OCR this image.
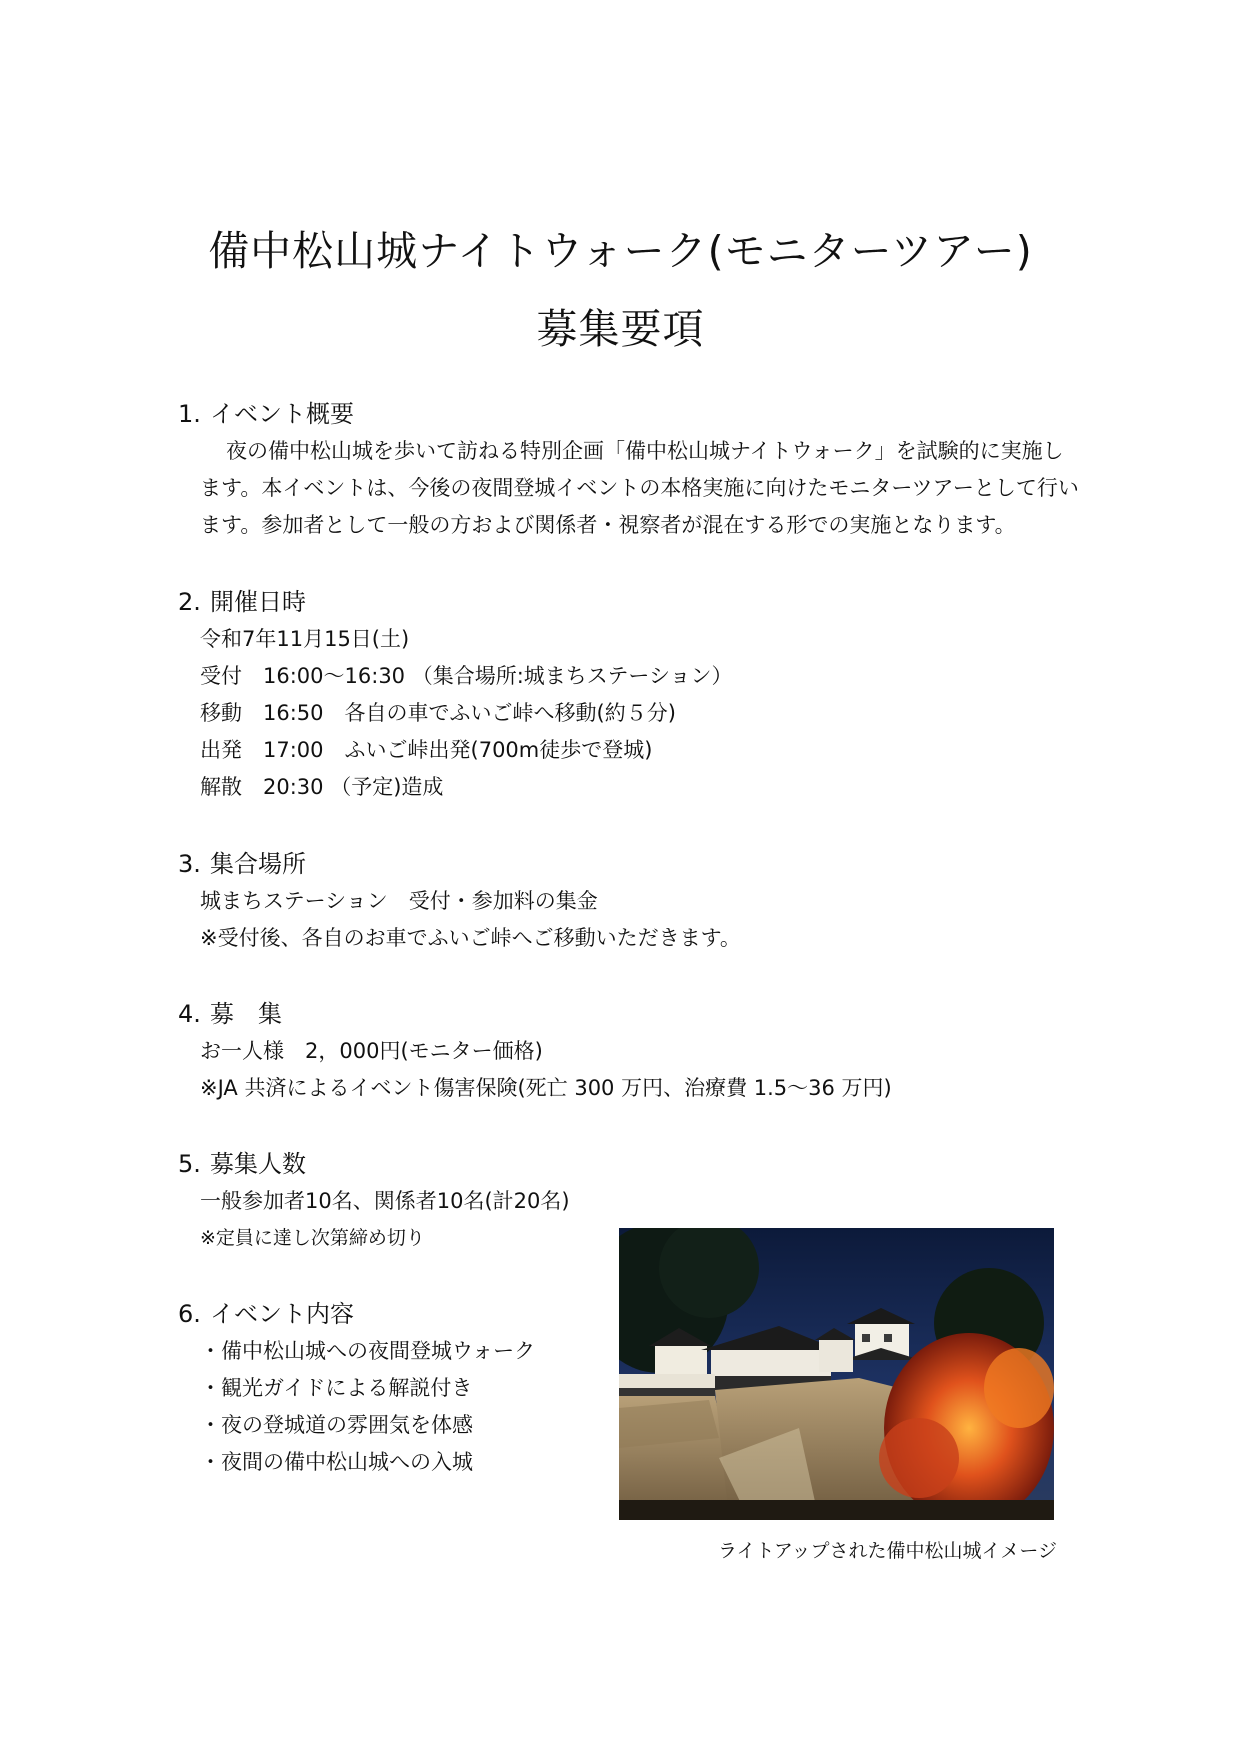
備中松山城ナイトウォーク(モニターツアー)
募集要項
1. イベント概要
夜の備中松山城を歩いて訪ねる特別企画「備中松山城ナイトウォーク」を試験的に実施し
ます。本イベントは、今後の夜間登城イベントの本格実施に向けたモニターツアーとして行い
ます。参加者として一般の方および関係者・視察者が混在する形での実施となります。
2. 開催日時
令和7年11月15日(土)
受付　16:00～16:30 （集合場所:城まちステーション）
移動　16:50　各自の車でふいご峠へ移動(約５分)
出発　17:00　ふいご峠出発(700m徒歩で登城)
解散　20:30 （予定)造成
3. 集合場所
城まちステーション　受付・参加料の集金
※受付後、各自のお車でふいご峠へご移動いただきます。
4. 募　集
お一人様　2，000円(モニター価格)
※JA 共済によるイベント傷害保険(死亡 300 万円、治療費 1.5～36 万円)
5. 募集人数
一般参加者10名、関係者10名(計20名)
※定員に達し次第締め切り
6. イベント内容
・備中松山城への夜間登城ウォーク
・観光ガイドによる解説付き
・夜の登城道の雰囲気を体感
・夜間の備中松山城への入城
ライトアップされた備中松山城イメージ
